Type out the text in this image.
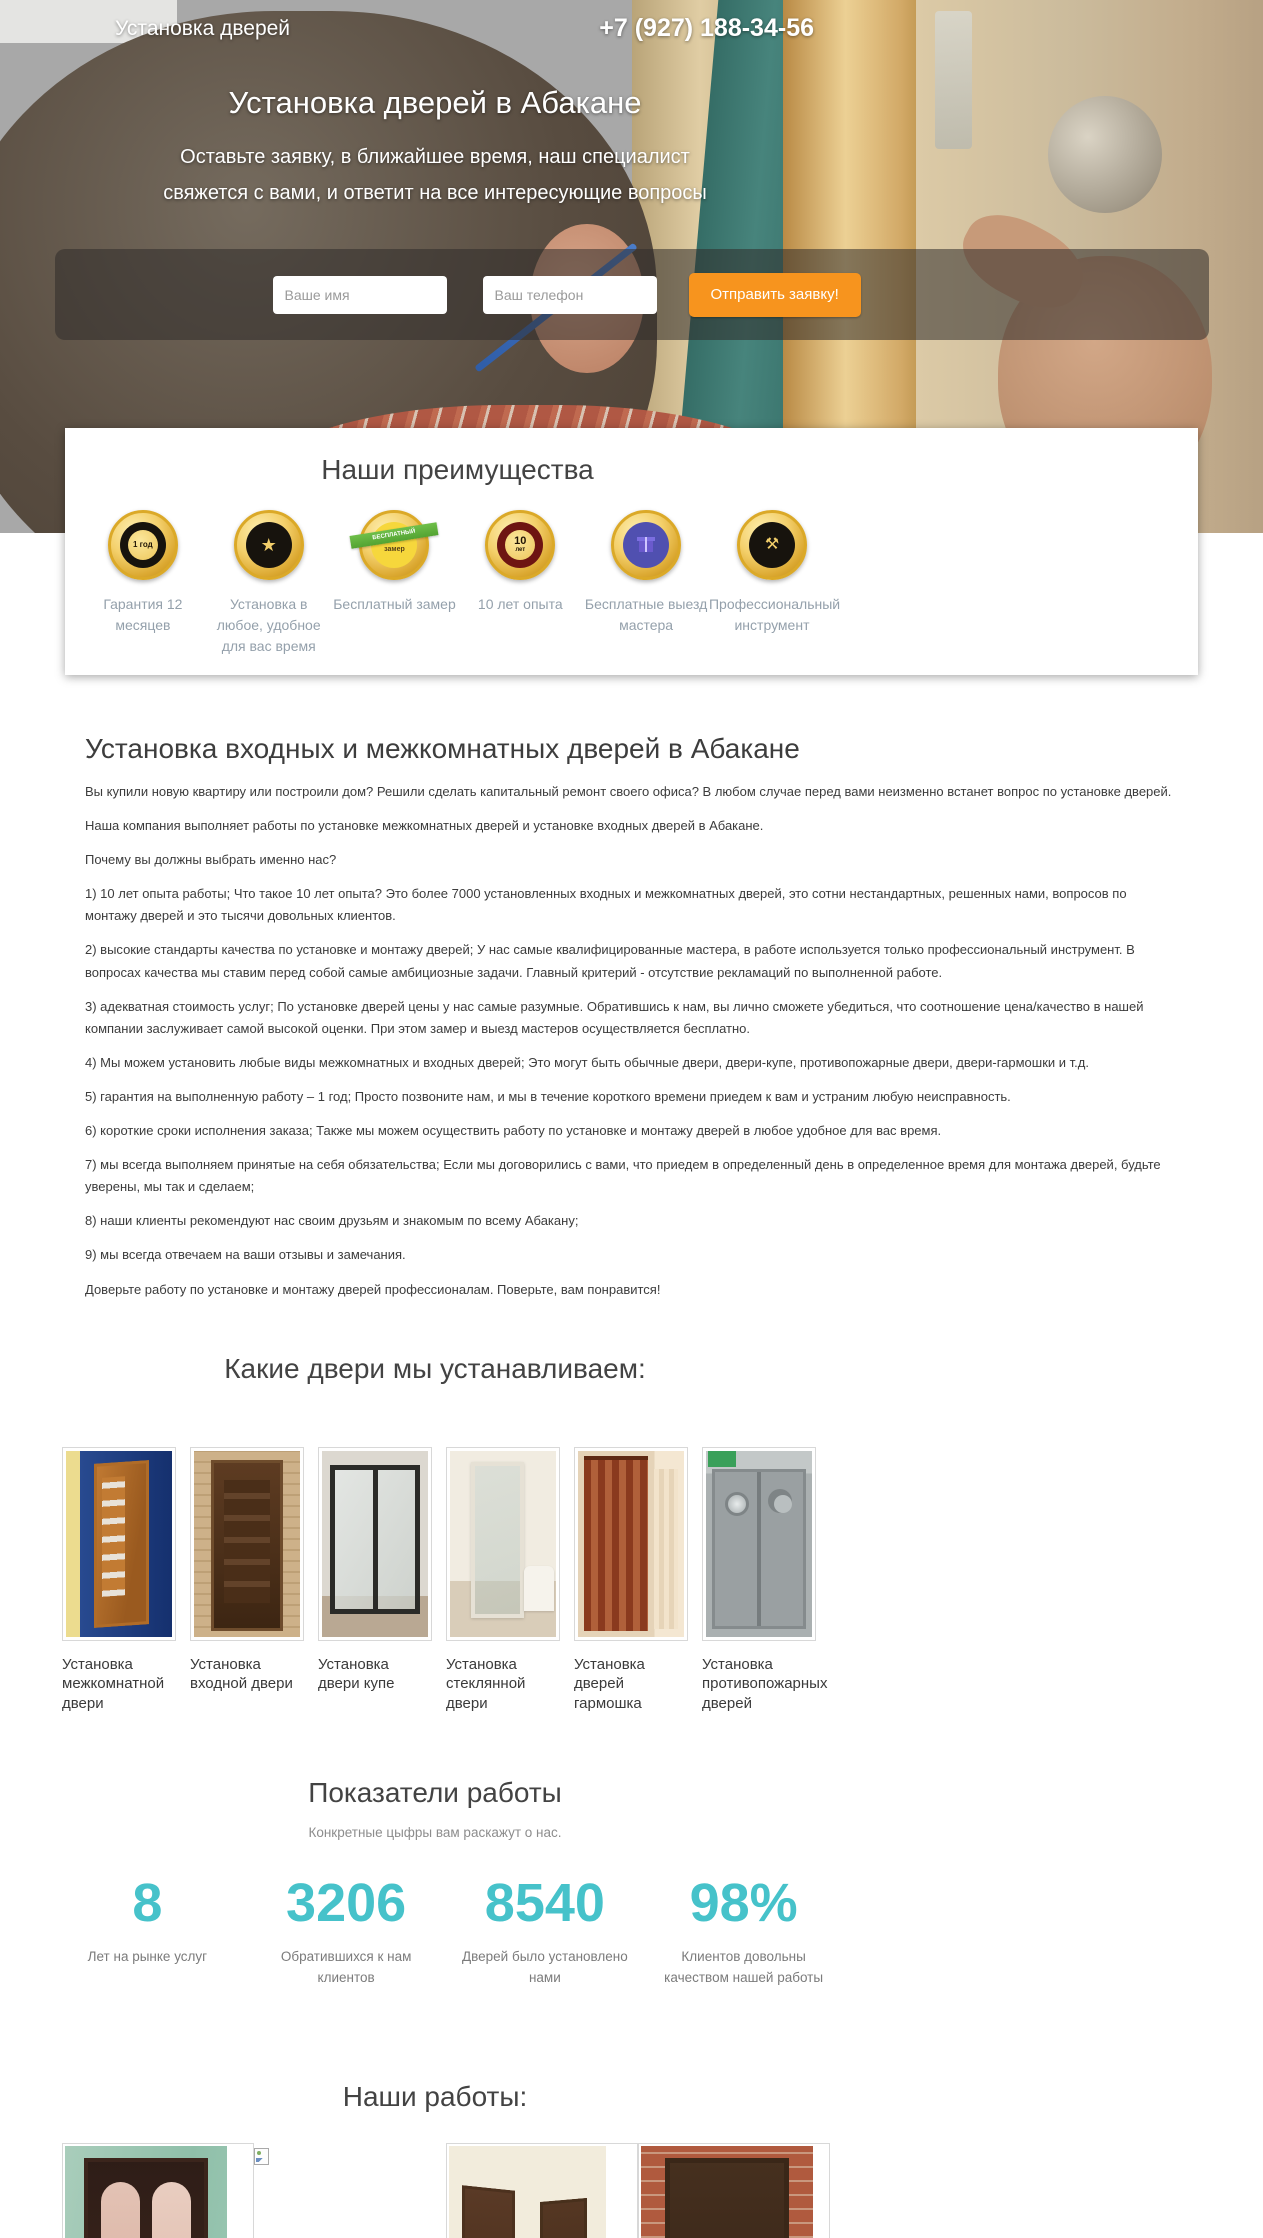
Установка дверей	+7 (927) 188-34-56
Установка дверей в Абакане
Оставьте заявку, в ближайшее время, наш специалист
свяжется с вами, и ответит на все интересующие вопросы
Ваше имя
Ваш телефон
Отправить заявку!
Наши преимущества
1 год
Гарантия 12 месяцев
★
Установка в любое, удобное для вас время
БЕСПЛАТНЫЙ
замер
Бесплатный замер
10
лет
10 лет опыта	Бесплатные выезд мастера
⚒
Профессиональный инструмент
Установка входных и межкомнатных дверей в Абакане

Вы купили новую квартиру или построили дом? Решили сделать капитальный ремонт своего офиса? В любом случае перед вами неизменно встанет вопрос по установке дверей.

Наша компания выполняет работы по установке межкомнатных дверей и установке входных дверей в Абакане.

Почему вы должны выбрать именно нас?

1) 10 лет опыта работы; Что такое 10 лет опыта? Это более 7000 установленных входных и межкомнатных дверей, это сотни нестандартных, решенных нами, вопросов по монтажу дверей и это тысячи довольных клиентов.

2) высокие стандарты качества по установке и монтажу дверей; У нас самые квалифицированные мастера, в работе используется только профессиональный инструмент. В вопросах качества мы ставим перед собой самые амбициозные задачи. Главный критерий - отсутствие рекламаций по выполненной работе.

3) адекватная стоимость услуг; По установке дверей цены у нас самые разумные. Обратившись к нам, вы лично сможете убедиться, что соотношение цена/качество в нашей компании заслуживает самой высокой оценки. При этом замер и выезд мастеров осуществляется бесплатно.

4) Мы можем установить любые виды межкомнатных и входных дверей; Это могут быть обычные двери, двери-купе, противопожарные двери, двери-гармошки и т.д.

5) гарантия на выполненную работу – 1 год; Просто позвоните нам, и мы в течение короткого времени приедем к вам и устраним любую неисправность.

6) короткие сроки исполнения заказа; Также мы можем осуществить работу по установке и монтажу дверей в любое удобное для вас время.

7) мы всегда выполняем принятые на себя обязательства; Если мы договорились с вами, что приедем в определенный день в определенное время для монтажа дверей, будьте уверены, мы так и сделаем;

8) наши клиенты рекомендуют нас своим друзьям и знакомым по всему Абакану;

9) мы всегда отвечаем на ваши отзывы и замечания.

Доверьте работу по установке и монтажу дверей профессионалам. Поверьте, вам понравится!

Какие двери мы устанавливаем:
Установка межкомнатной двери
Установка входной двери
Установка двери купе
Установка стеклянной двери
Установка дверей гармошка
Установка противопожарных дверей
Показатели работы
Конкретные цыфры вам раскажут о нас.
8
Лет на рынке услуг
3206
Обратившихся к нам клиентов
8540
Дверей было установлено нами
98%
Клиентов довольны качеством нашей работы
Наши работы:
